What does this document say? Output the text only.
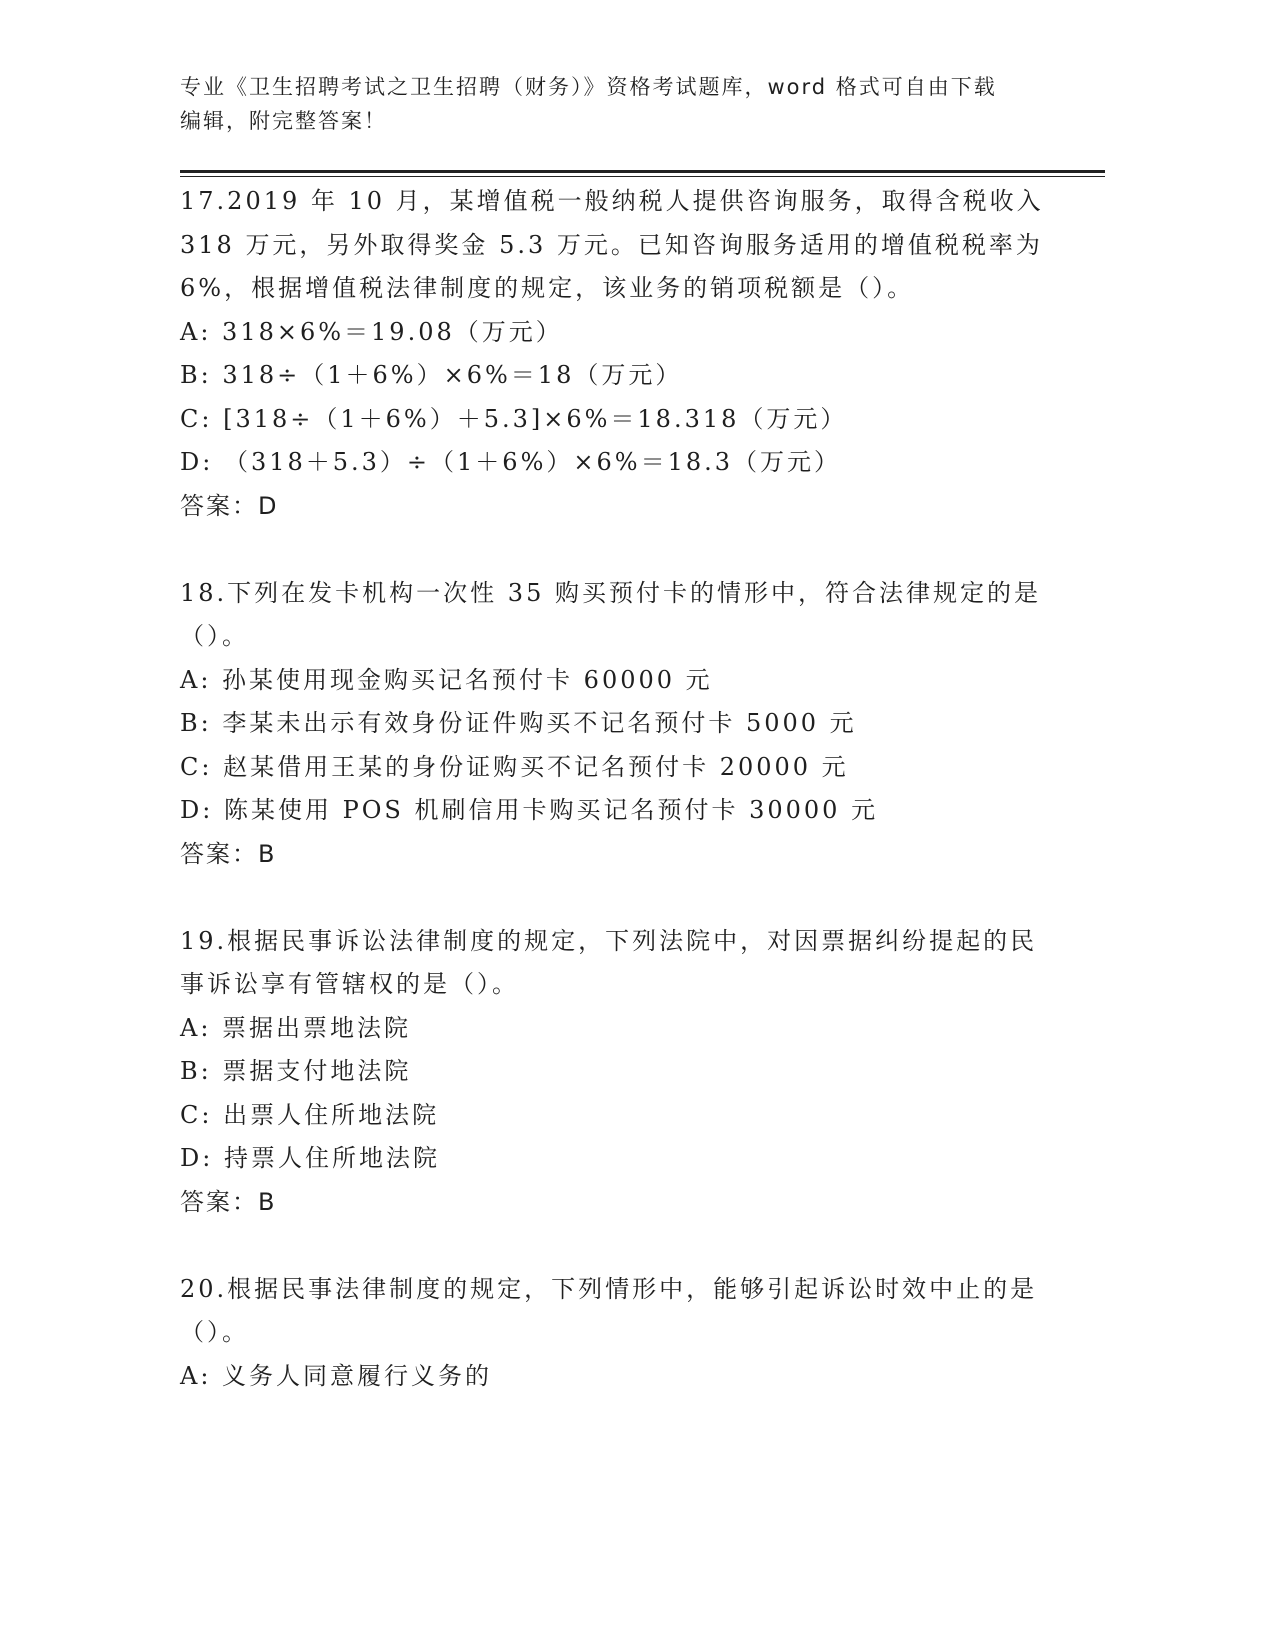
专业《卫生招聘考试之卫生招聘（财务）》资格考试题库，word 格式可自由下载
编辑，附完整答案！
17.2019 年 10 月，某增值税一般纳税人提供咨询服务，取得含税收入 318 万元，另外取得奖金 5.3 万元。已知咨询服务适用的增值税税率为 6%，根据增值税法律制度的规定，该业务的销项税额是（）。
A: 318×6%＝19.08（万元）
B: 318÷（1＋6%）×6%＝18（万元）
C: [318÷（1＋6%）＋5.3]×6%＝18.318（万元）
D: （318＋5.3）÷（1＋6%）×6%＝18.3（万元）
答案：D
18.下列在发卡机构一次性 35 购买预付卡的情形中，符合法律规定的是（）。
A: 孙某使用现金购买记名预付卡 60000 元
B: 李某未出示有效身份证件购买不记名预付卡 5000 元
C: 赵某借用王某的身份证购买不记名预付卡 20000 元
D: 陈某使用 POS 机刷信用卡购买记名预付卡 30000 元
答案：B
19.根据民事诉讼法律制度的规定，下列法院中，对因票据纠纷提起的民事诉讼享有管辖权的是（）。
A: 票据出票地法院
B: 票据支付地法院
C: 出票人住所地法院
D: 持票人住所地法院
答案：B
20.根据民事法律制度的规定，下列情形中，能够引起诉讼时效中止的是（）。
A: 义务人同意履行义务的
